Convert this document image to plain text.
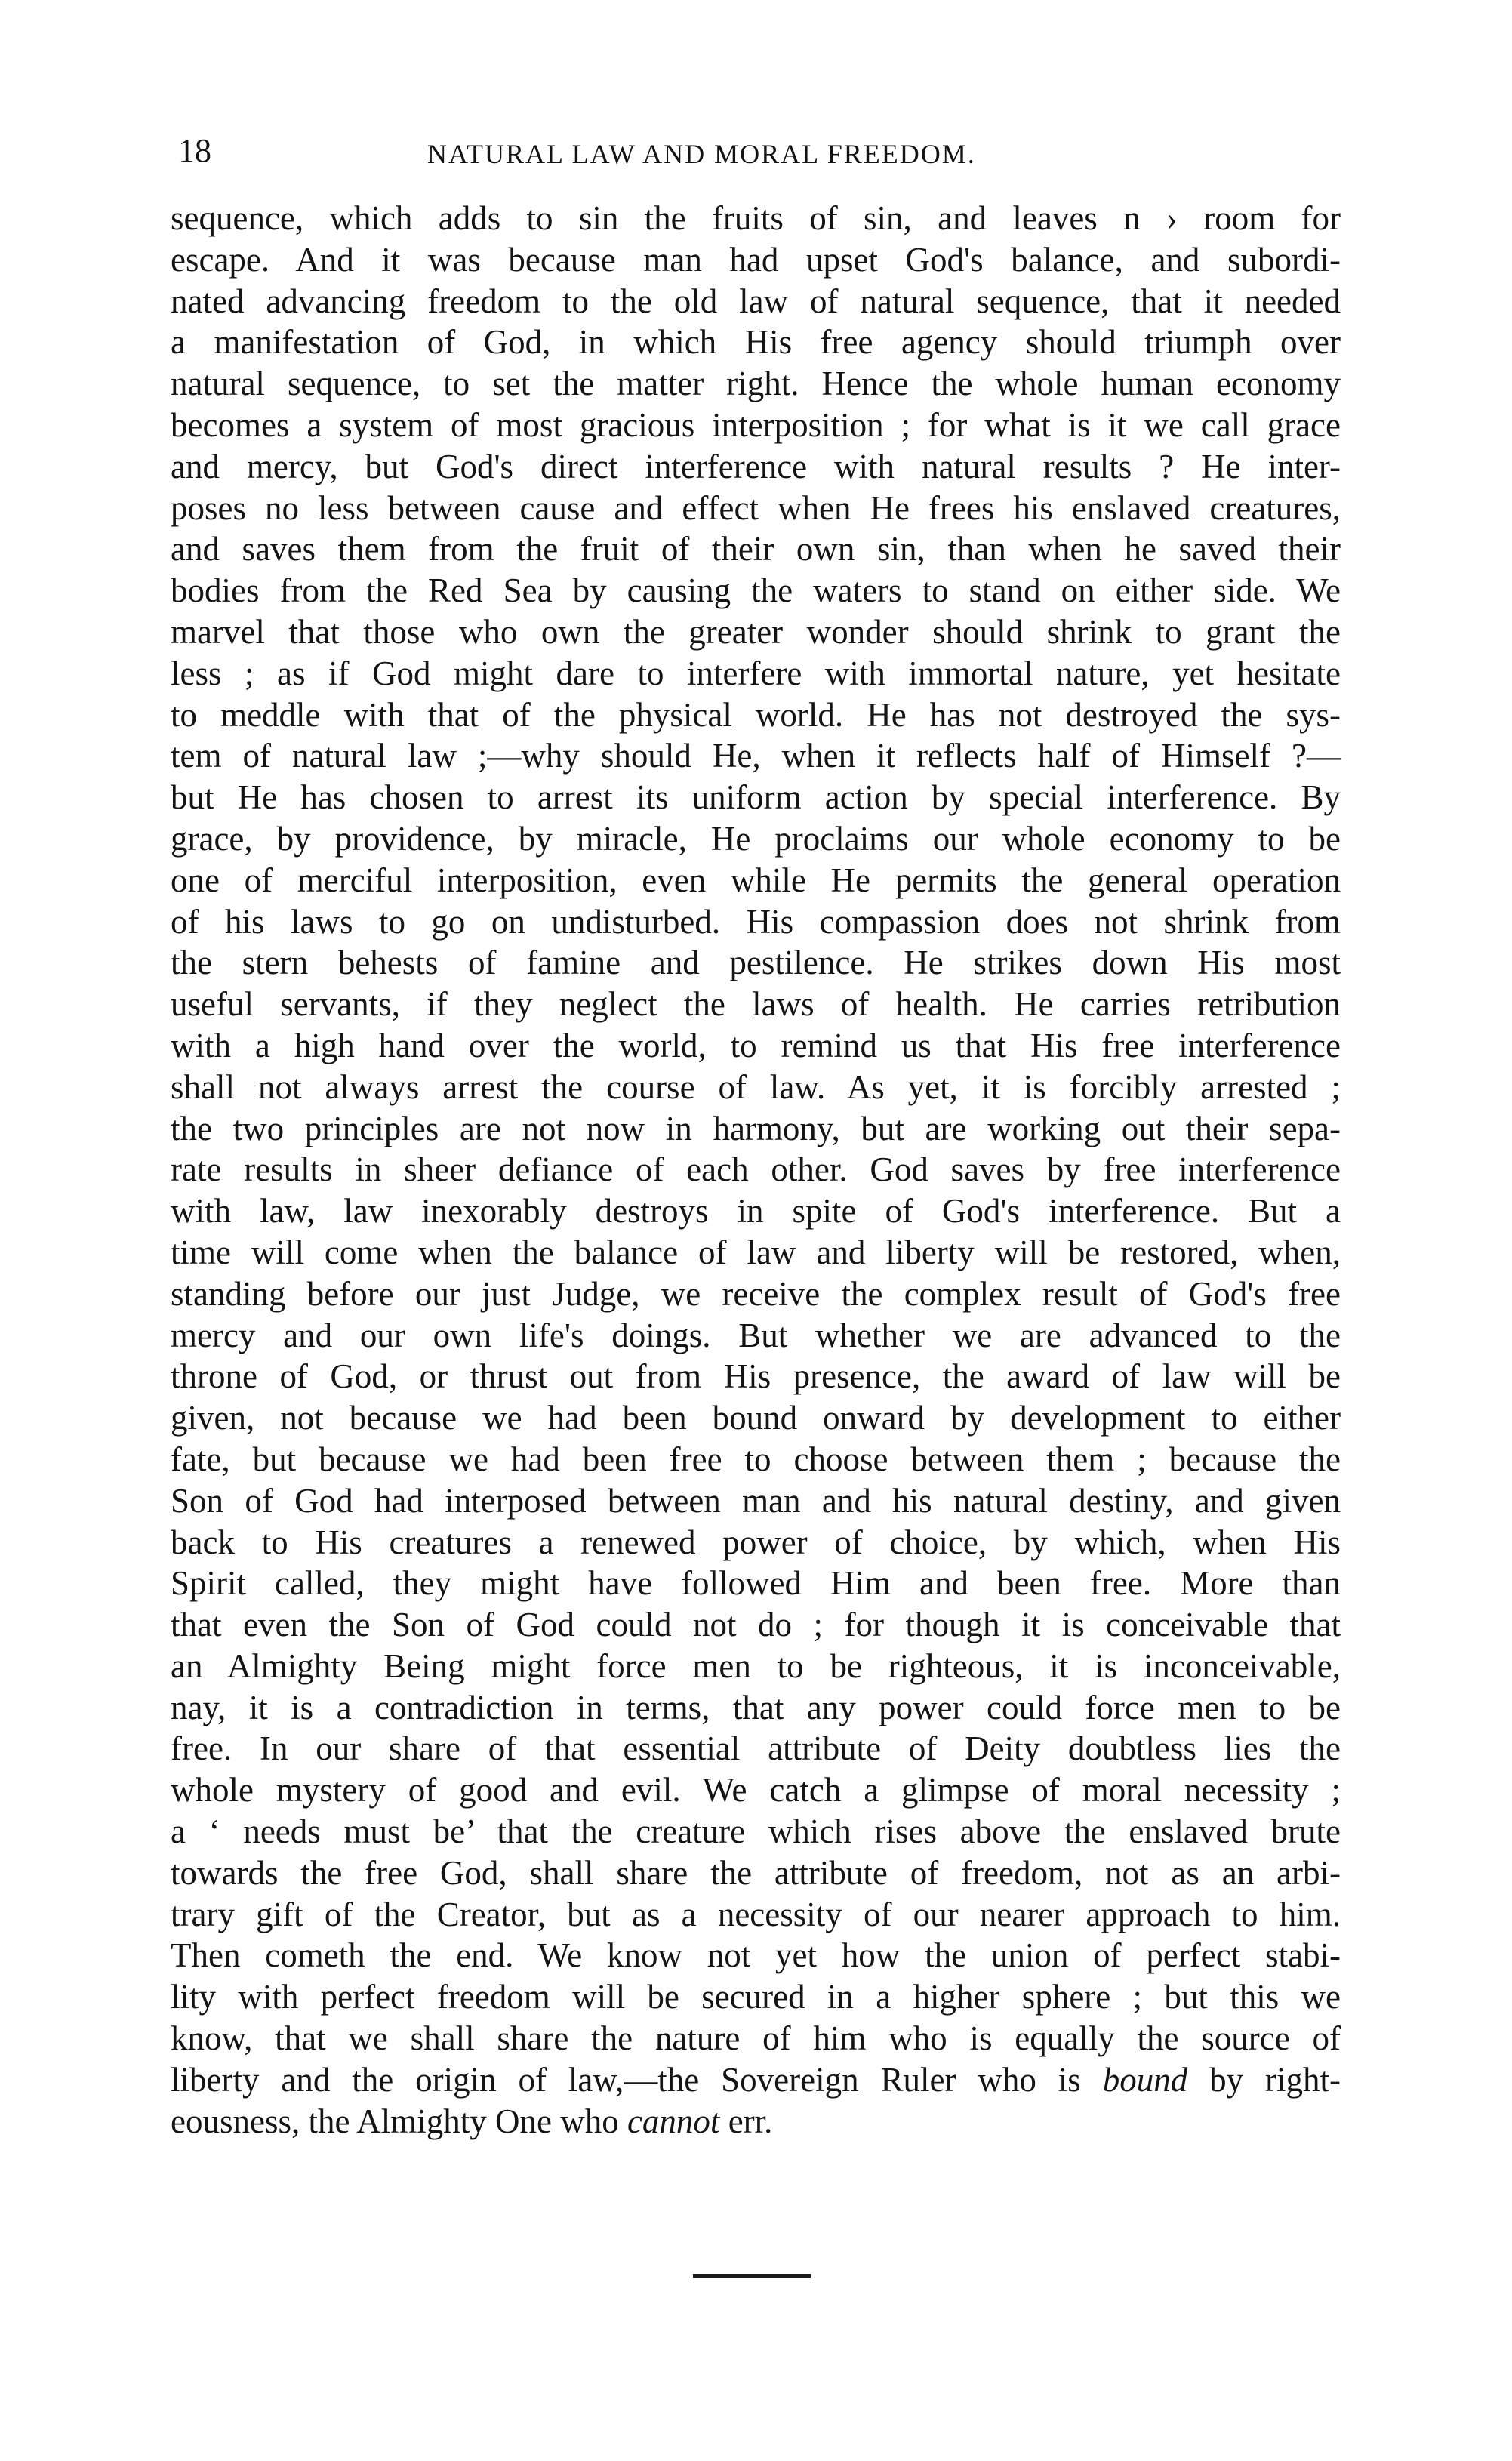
18	NATURAL LAW AND MORAL FREEDOM.
sequence, which adds to sin the fruits of sin, and leaves n › room for
escape. And it was because man had upset God's balance, and subordi-
nated advancing freedom to the old law of natural sequence, that it needed
a manifestation of God, in which His free agency should triumph over
natural sequence, to set the matter right. Hence the whole human economy
becomes a system of most gracious interposition ; for what is it we call grace
and mercy, but God's direct interference with natural results ? He inter-
poses no less between cause and effect when He frees his enslaved creatures,
and saves them from the fruit of their own sin, than when he saved their
bodies from the Red Sea by causing the waters to stand on either side. We
marvel that those who own the greater wonder should shrink to grant the
less ; as if God might dare to interfere with immortal nature, yet hesitate
to meddle with that of the physical world. He has not destroyed the sys-
tem of natural law ;—why should He, when it reflects half of Himself ?—
but He has chosen to arrest its uniform action by special interference. By
grace, by providence, by miracle, He proclaims our whole economy to be
one of merciful interposition, even while He permits the general operation
of his laws to go on undisturbed. His compassion does not shrink from
the stern behests of famine and pestilence. He strikes down His most
useful servants, if they neglect the laws of health. He carries retribution
with a high hand over the world, to remind us that His free interference
shall not always arrest the course of law. As yet, it is forcibly arrested ;
the two principles are not now in harmony, but are working out their sepa-
rate results in sheer defiance of each other. God saves by free interference
with law, law inexorably destroys in spite of God's interference. But a
time will come when the balance of law and liberty will be restored, when,
standing before our just Judge, we receive the complex result of God's free
mercy and our own life's doings. But whether we are advanced to the
throne of God, or thrust out from His presence, the award of law will be
given, not because we had been bound onward by development to either
fate, but because we had been free to choose between them ; because the
Son of God had interposed between man and his natural destiny, and given
back to His creatures a renewed power of choice, by which, when His
Spirit called, they might have followed Him and been free. More than
that even the Son of God could not do ; for though it is conceivable that
an Almighty Being might force men to be righteous, it is inconceivable,
nay, it is a contradiction in terms, that any power could force men to be
free. In our share of that essential attribute of Deity doubtless lies the
whole mystery of good and evil. We catch a glimpse of moral necessity ;
a ‘ needs must be’ that the creature which rises above the enslaved brute
towards the free God, shall share the attribute of freedom, not as an arbi-
trary gift of the Creator, but as a necessity of our nearer approach to him.
Then cometh the end. We know not yet how the union of perfect stabi-
lity with perfect freedom will be secured in a higher sphere ; but this we
know, that we shall share the nature of him who is equally the source of
liberty and the origin of law,—the Sovereign Ruler who is bound by right-
eousness, the Almighty One who cannot err.
